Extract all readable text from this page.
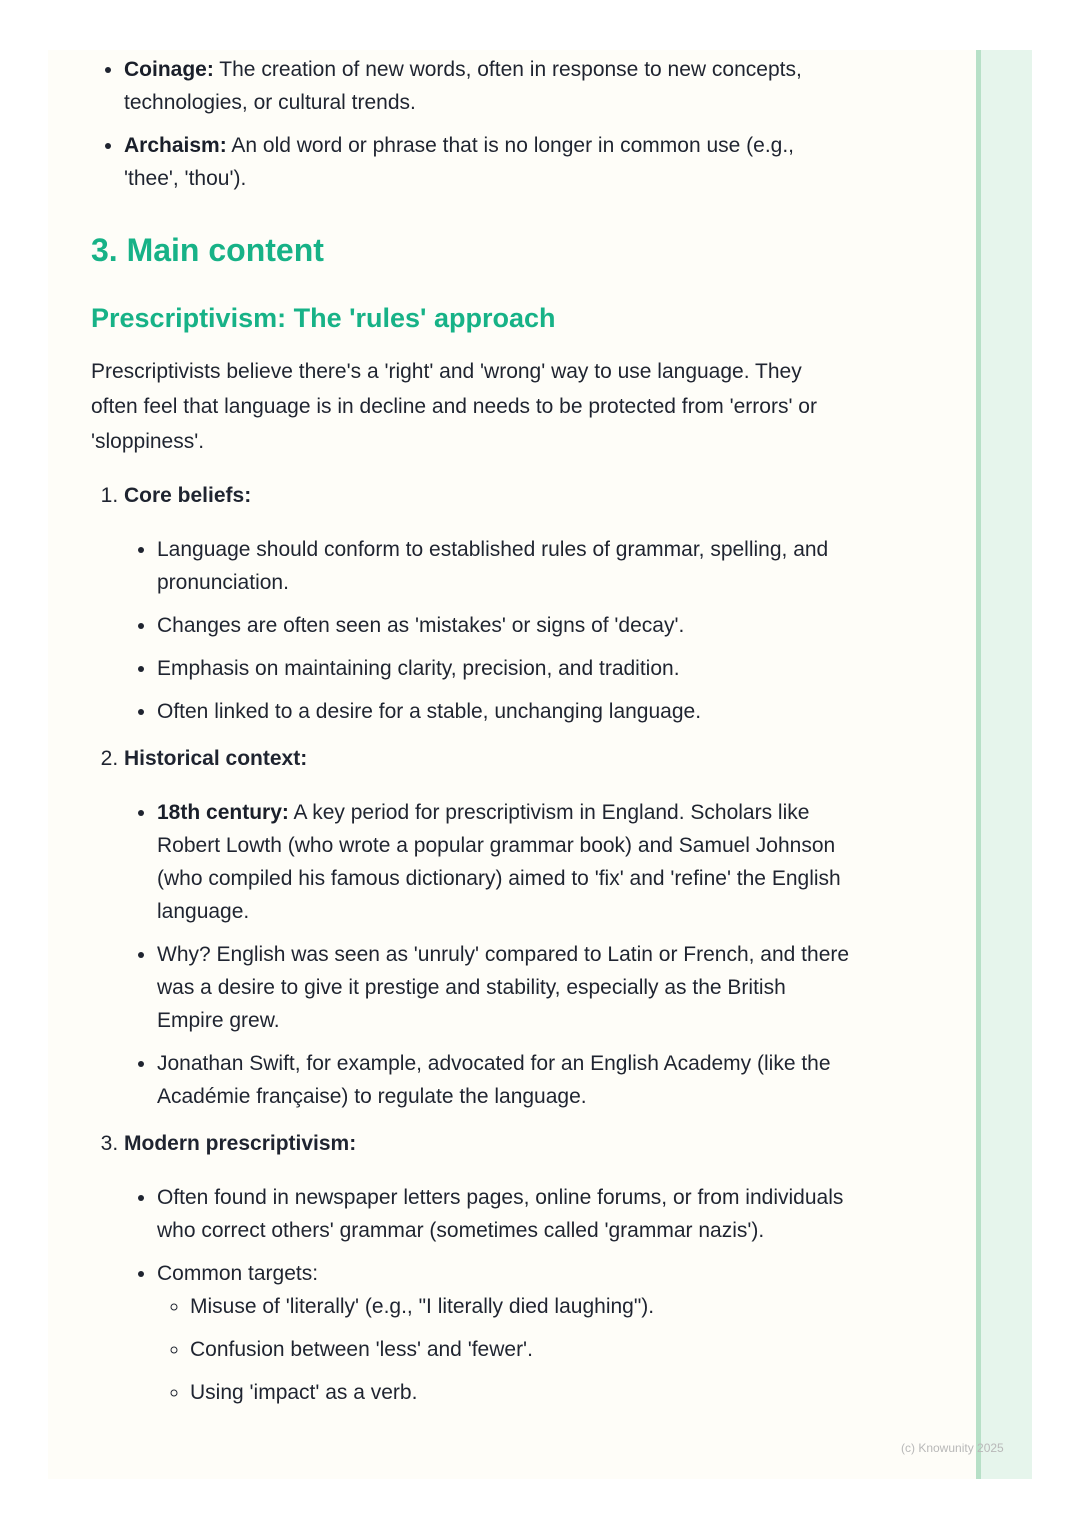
• Coinage: The creation of new words, often in response to new concepts, technologies, or cultural trends.
• Archaism: An old word or phrase that is no longer in common use (e.g., 'thee', 'thou').
3. Main content
Prescriptivism: The 'rules' approach

Prescriptivists believe there's a 'right' and 'wrong' way to use language. They often feel that language is in decline and needs to be protected from 'errors' or 'sloppiness'.

1. Core beliefs:
• Language should conform to established rules of grammar, spelling, and pronunciation.
• Changes are often seen as 'mistakes' or signs of 'decay'.
• Emphasis on maintaining clarity, precision, and tradition.
• Often linked to a desire for a stable, unchanging language.
2. Historical context:
• 18th century: A key period for prescriptivism in England. Scholars like Robert Lowth (who wrote a popular grammar book) and Samuel Johnson (who compiled his famous dictionary) aimed to 'fix' and 'refine' the English language.
• Why? English was seen as 'unruly' compared to Latin or French, and there was a desire to give it prestige and stability, especially as the British Empire grew.
• Jonathan Swift, for example, advocated for an English Academy (like the Académie française) to regulate the language.
3. Modern prescriptivism:
• Often found in newspaper letters pages, online forums, or from individuals who correct others' grammar (sometimes called 'grammar nazis').
• Common targets:
◦ Misuse of 'literally' (e.g., "I literally died laughing").
◦ Confusion between 'less' and 'fewer'.
◦ Using 'impact' as a verb.
(c) Knowunity 2025
